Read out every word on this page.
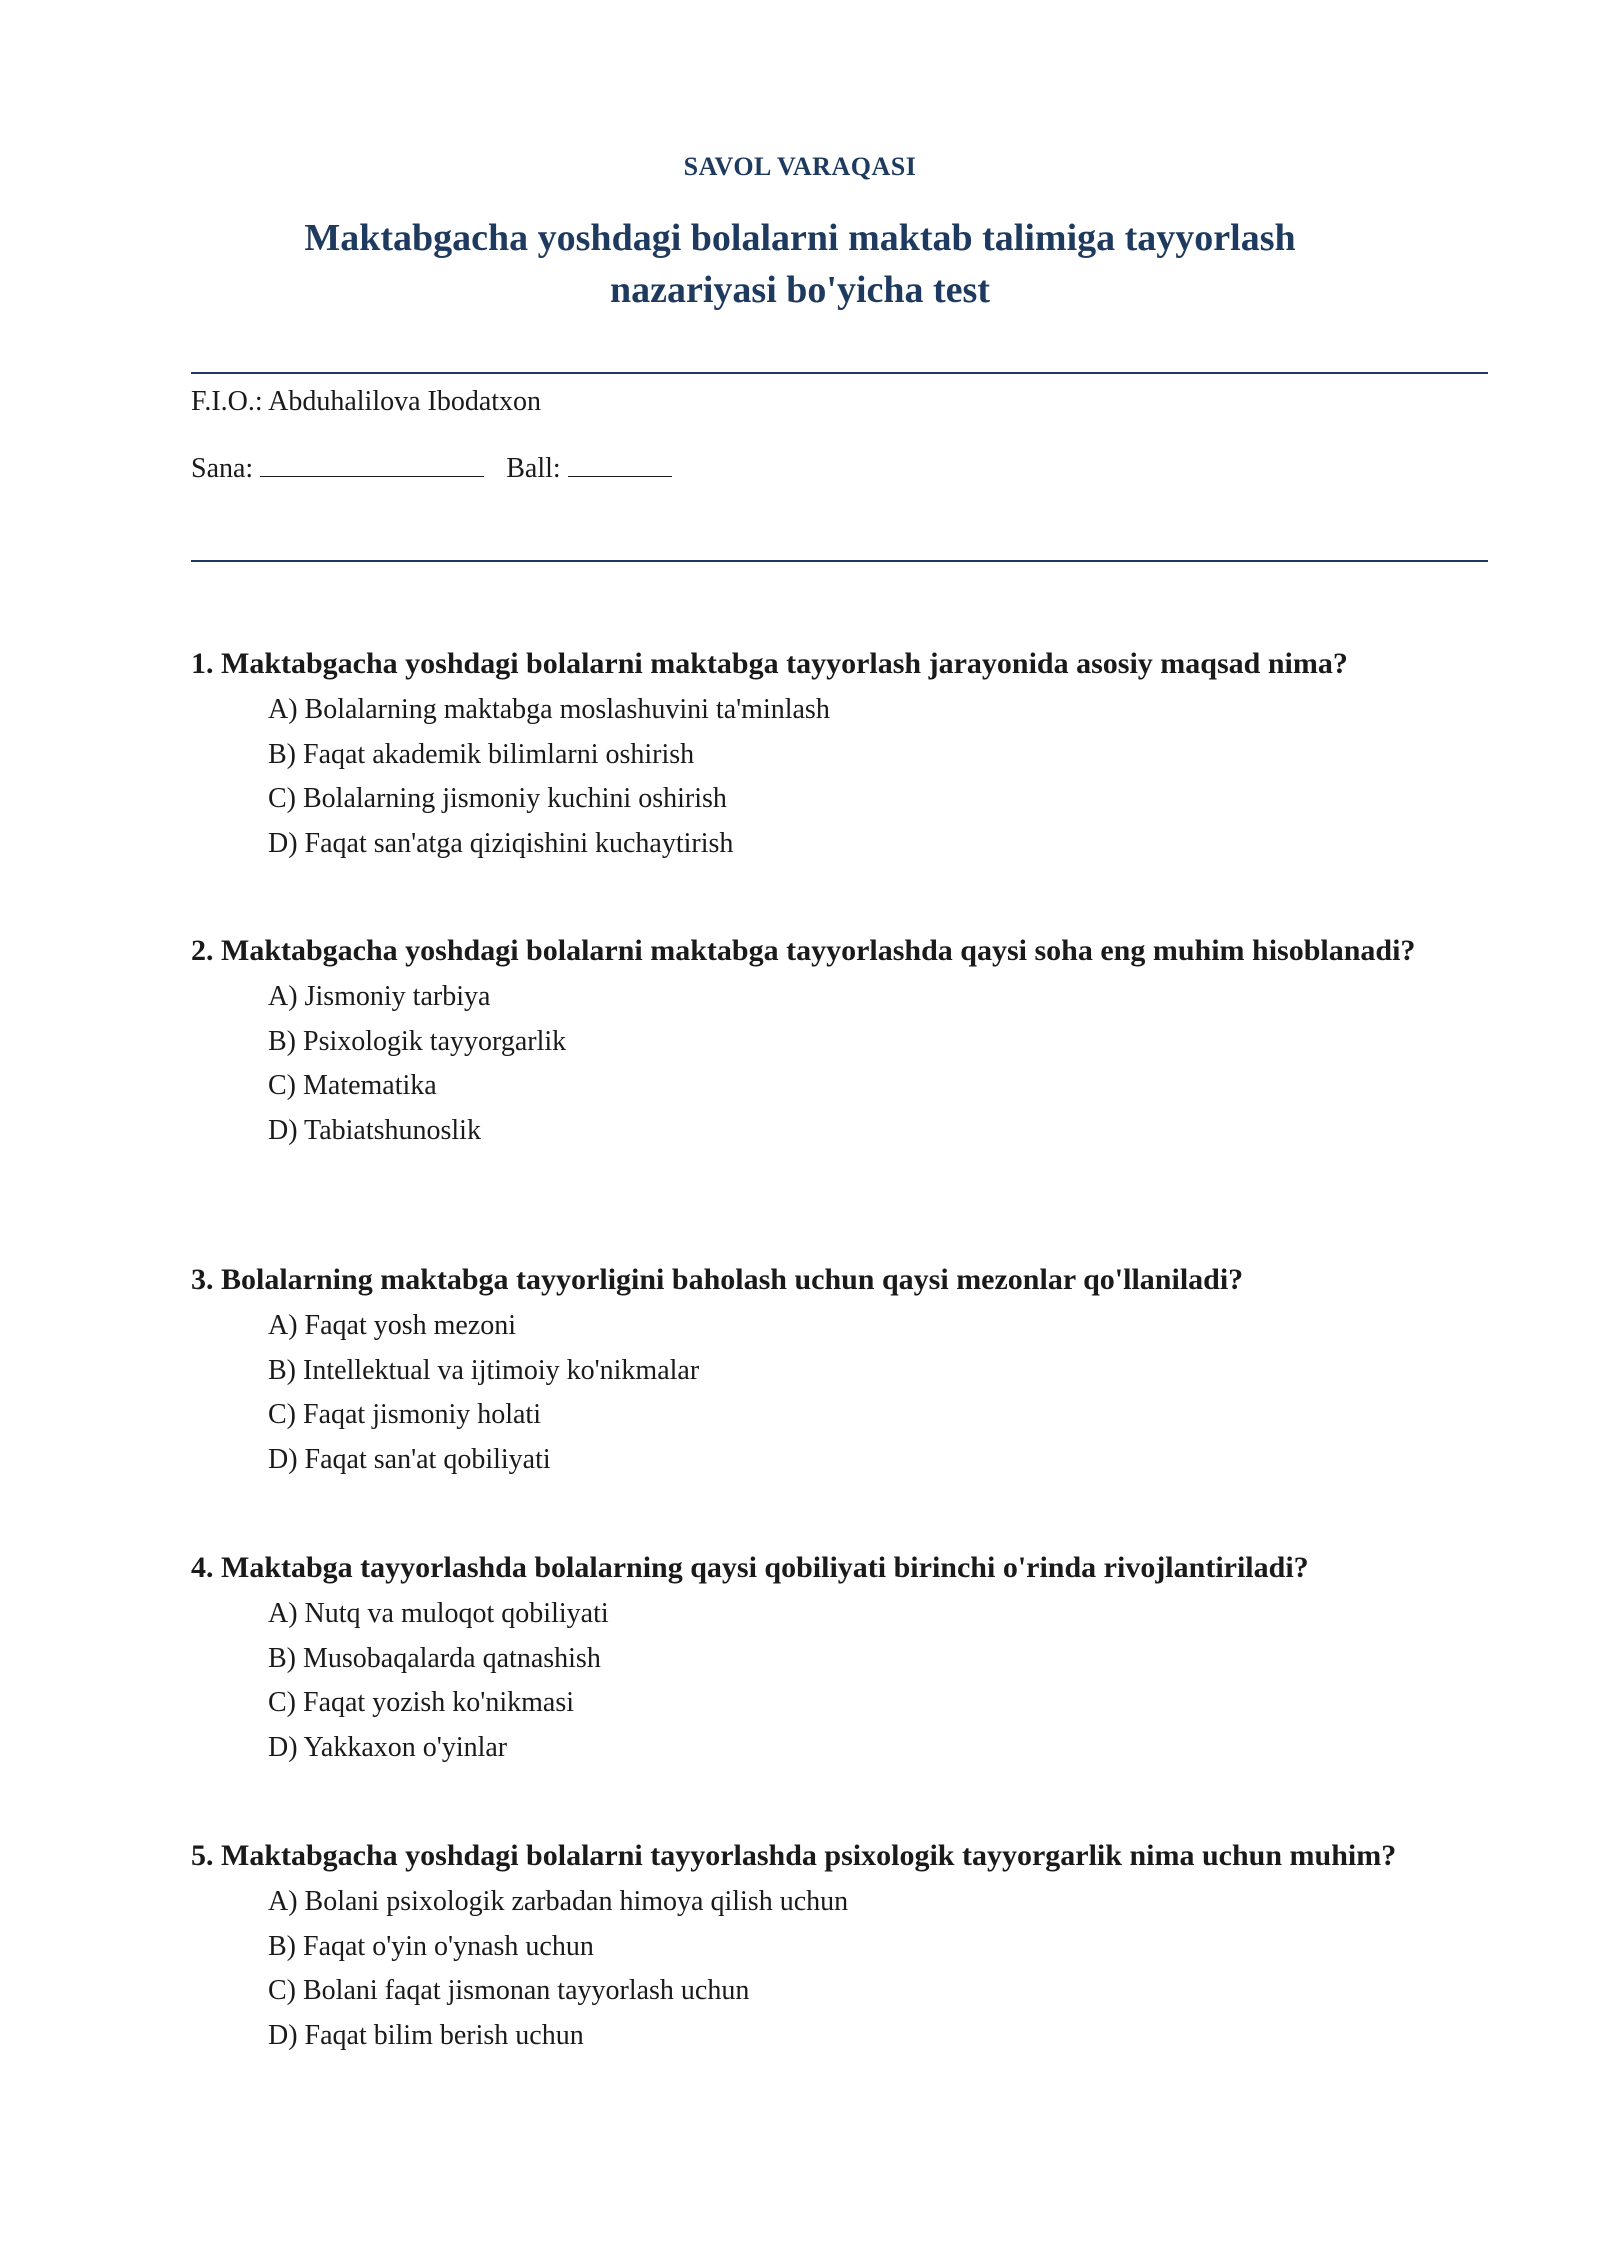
SAVOL VARAQASI
Maktabgacha yoshdagi bolalarni maktab talimiga tayyorlash nazariyasi bo'yicha test
F.I.O.: Abduhalilova Ibodatxon
Sana:	Ball:

1. Maktabgacha yoshdagi bolalarni maktabga tayyorlash jarayonida asosiy maqsad nima?

A) Bolalarning maktabga moslashuvini ta'minlash
B) Faqat akademik bilimlarni oshirish
C) Bolalarning jismoniy kuchini oshirish
D) Faqat san'atga qiziqishini kuchaytirish

2. Maktabgacha yoshdagi bolalarni maktabga tayyorlashda qaysi soha eng muhim hisoblanadi?

A) Jismoniy tarbiya
B) Psixologik tayyorgarlik
C) Matematika
D) Tabiatshunoslik

3. Bolalarning maktabga tayyorligini baholash uchun qaysi mezonlar qo'llaniladi?

A) Faqat yosh mezoni
B) Intellektual va ijtimoiy ko'nikmalar
C) Faqat jismoniy holati
D) Faqat san'at qobiliyati

4. Maktabga tayyorlashda bolalarning qaysi qobiliyati birinchi o'rinda rivojlantiriladi?

A) Nutq va muloqot qobiliyati
B) Musobaqalarda qatnashish
C) Faqat yozish ko'nikmasi
D) Yakkaxon o'yinlar

5. Maktabgacha yoshdagi bolalarni tayyorlashda psixologik tayyorgarlik nima uchun muhim?

A) Bolani psixologik zarbadan himoya qilish uchun
B) Faqat o'yin o'ynash uchun
C) Bolani faqat jismonan tayyorlash uchun
D) Faqat bilim berish uchun
